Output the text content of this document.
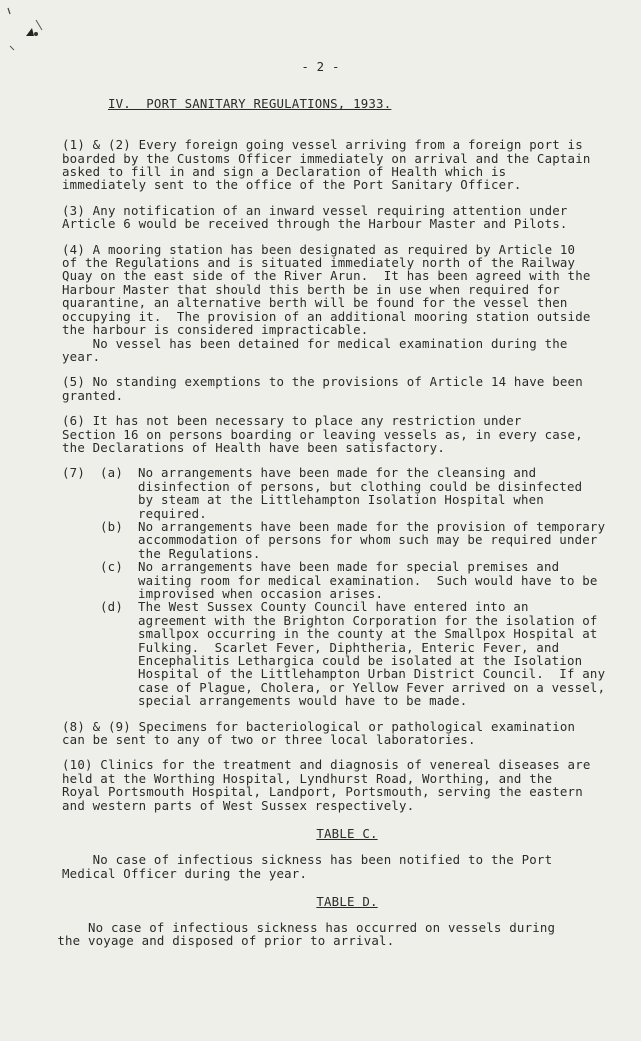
- 2 -

IV.  PORT SANITARY REGULATIONS, 1933.

(1) & (2) Every foreign going vessel arriving from a foreign port is
boarded by the Customs Officer immediately on arrival and the Captain
asked to fill in and sign a Declaration of Health which is
immediately sent to the office of the Port Sanitary Officer.
(3) Any notification of an inward vessel requiring attention under
Article 6 would be received through the Harbour Master and Pilots.
(4) A mooring station has been designated as required by Article 10
of the Regulations and is situated immediately north of the Railway
Quay on the east side of the River Arun.  It has been agreed with the
Harbour Master that should this berth be in use when required for
quarantine, an alternative berth will be found for the vessel then
occupying it.  The provision of an additional mooring station outside
the harbour is considered impracticable.
No vessel has been detained for medical examination during the
year.
(5) No standing exemptions to the provisions of Article 14 have been
granted.
(6) It has not been necessary to place any restriction under
Section 16 on persons boarding or leaving vessels as, in every case,
the Declarations of Health have been satisfactory.
(7)	(a)	No arrangements have been made for the cleansing and
disinfection of persons, but clothing could be disinfected
by steam at the Littlehampton Isolation Hospital when
required.
(b)	No arrangements have been made for the provision of temporary
accommodation of persons for whom such may be required under
the Regulations.
(c)	No arrangements have been made for special premises and
waiting room for medical examination.  Such would have to be
improvised when occasion arises.
(d)	The West Sussex County Council have entered into an
agreement with the Brighton Corporation for the isolation of
smallpox occurring in the county at the Smallpox Hospital at
Fulking.  Scarlet Fever, Diphtheria, Enteric Fever, and
Encephalitis Lethargica could be isolated at the Isolation
Hospital of the Littlehampton Urban District Council.  If any
case of Plague, Cholera, or Yellow Fever arrived on a vessel,
special arrangements would have to be made.
(8) & (9) Specimens for bacteriological or pathological examination
can be sent to any of two or three local laboratories.
(10) Clinics for the treatment and diagnosis of venereal diseases are
held at the Worthing Hospital, Lyndhurst Road, Worthing, and the
Royal Portsmouth Hospital, Landport, Portsmouth, serving the eastern
and western parts of West Sussex respectively.
TABLE C.
No case of infectious sickness has been notified to the Port
Medical Officer during the year.
TABLE D.
No case of infectious sickness has occurred on vessels during
the voyage and disposed of prior to arrival.
